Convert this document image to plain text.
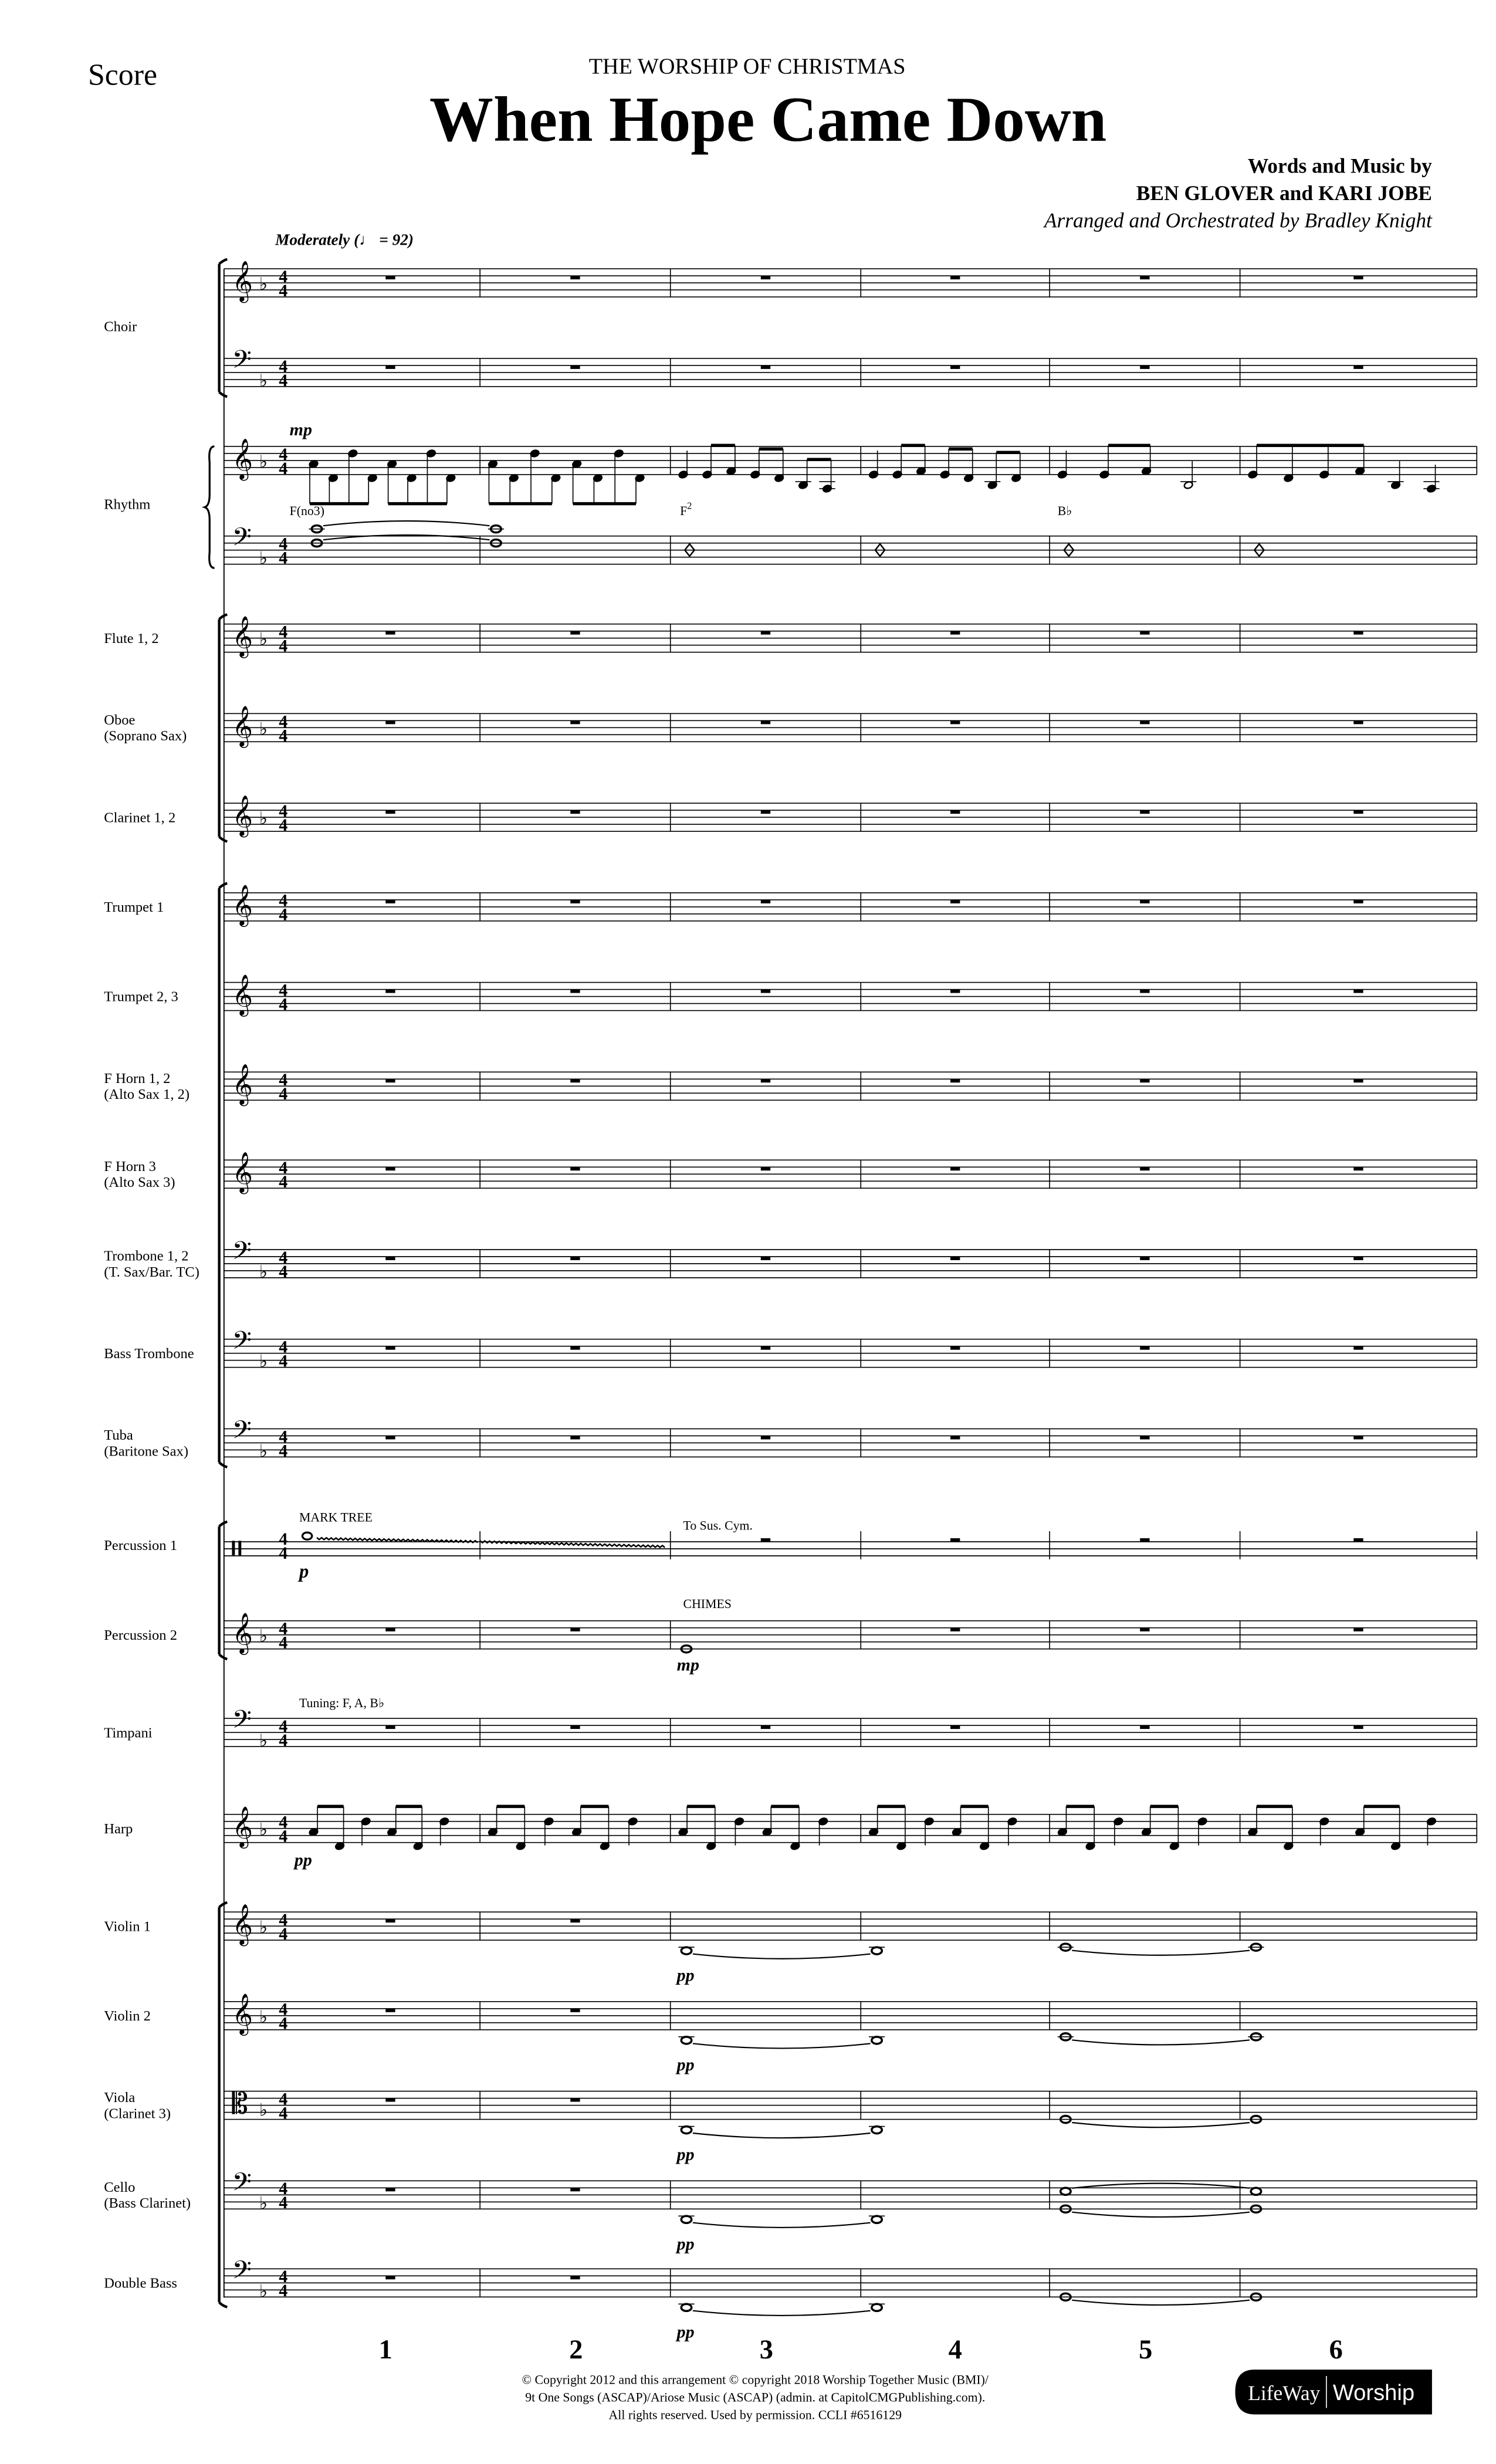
Score	THE WORSHIP OF CHRISTMAS
When Hope Came Down
Words and Music by
BEN GLOVER and KARI JOBE
Arranged and Orchestrated by Bradley Knight
Moderately (♩ = 92)
Choir
𝄞 ♭ 4
4
𝄢
♭
4
4
Rhythm
𝄞 ♭ 4
4
𝄢
♭
4
4
Flute 1, 2	𝄞 ♭ 4
4
Oboe
(Soprano Sax)	𝄞 ♭ 4
4
Clarinet 1, 2	𝄞 ♭ 4
4
Trumpet 1	𝄞	4
4
Trumpet 2, 3	𝄞	4
4
F Horn 1, 2
(Alto Sax 1, 2)	𝄞	4
4
F Horn 3
(Alto Sax 3)	𝄞	4
4
Trombone 1, 2
(T. Sax/Bar. TC)
𝄢
♭
4
4
Bass Trombone	𝄢
♭
4
4
Tuba
(Baritone Sax)
𝄢
♭
4
4
Percussion 1	4
4
Percussion 2	𝄞 ♭ 4
4
Timpani	𝄢
♭
4
4
Harp	𝄞 ♭ 4
4
Violin 1	𝄞 ♭ 4
4
Violin 2	𝄞 ♭ 4
4
Viola
(Clarinet 3)	𝄡 ♭
4
4
Cello
(Bass Clarinet)
𝄢
♭
4
4
Double Bass	𝄢
♭
4
4
mp
F(no3)	$F^2$	B♭
MARK TREE
p
To Sus. Cym.
CHIMES
mp
Tuning: F, A, B♭
pp
pp
pp
pp
pp
pp
1	2	3	4	5	6
© Copyright 2012 and this arrangement © copyright 2018 Worship Together Music (BMI)/
9t One Songs (ASCAP)/Ariose Music (ASCAP) (admin. at CapitolCMGPublishing.com).
All rights reserved. Used by permission. CCLI #6516129
LifeWay Worship
